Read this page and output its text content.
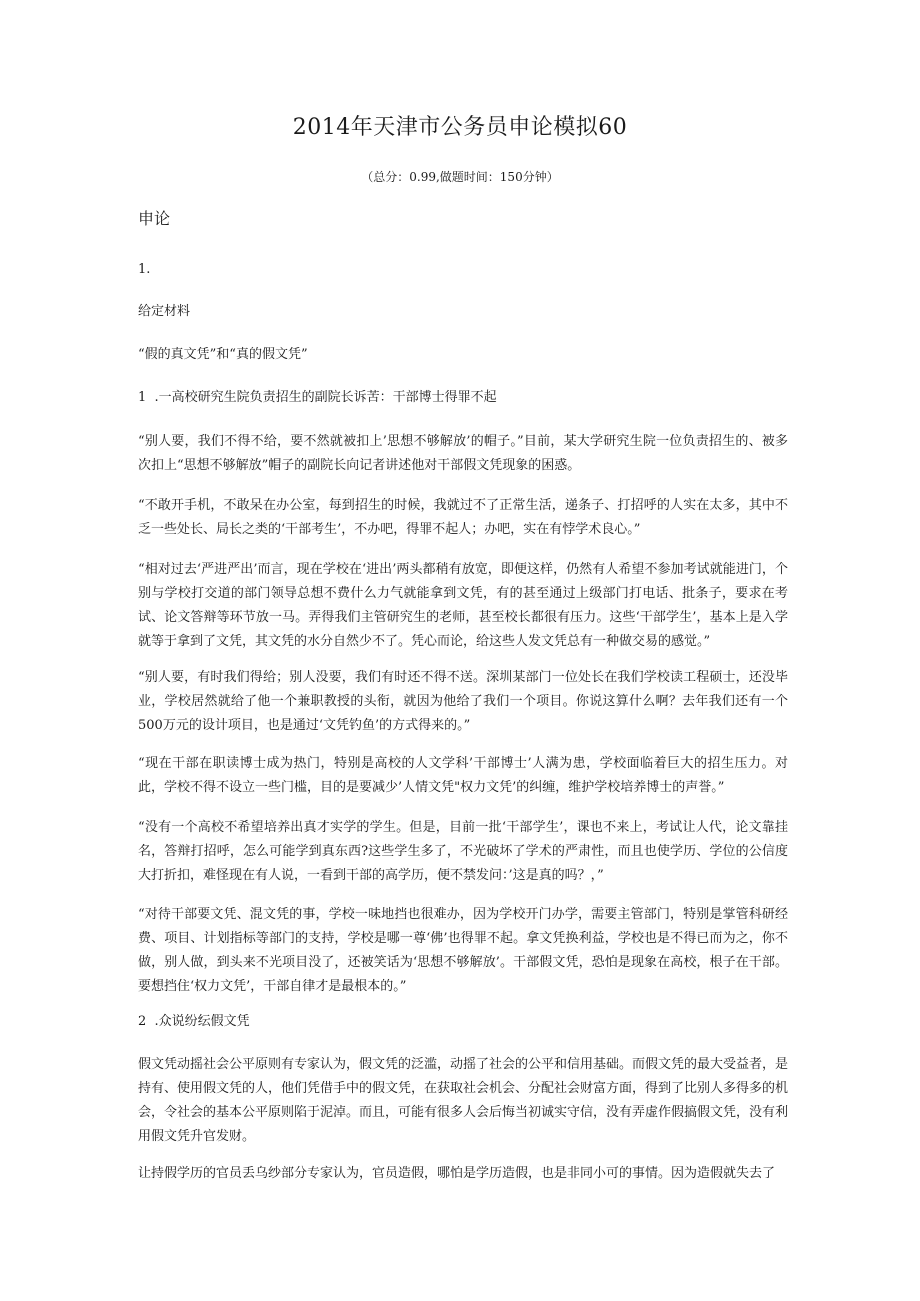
2014年天津市公务员申论模拟60
（总分：0.99,做题时间：150分钟）
申论
1.
给定材料
“假的真文凭”和“真的假文凭”
1  .一高校研究生院负责招生的副院长诉苦：干部博士得罪不起
“别人要，我们不得不给，要不然就被扣上’思想不够解放’的帽子。”目前，某大学研究生院一位负责招生的、被多次扣上“思想不够解放”帽子的副院长向记者讲述他对干部假文凭现象的困惑。
“不敢开手机，不敢呆在办公室，每到招生的时候，我就过不了正常生活，递条子、打招呼的人实在太多，其中不乏一些处长、局长之类的‘干部考生’，不办吧，得罪不起人；办吧，实在有悖学术良心。”
“相对过去‘严进严出’而言，现在学校在‘进出’两头都稍有放宽，即便这样，仍然有人希望不参加考试就能进门，个别与学校打交道的部门领导总想不费什么力气就能拿到文凭，有的甚至通过上级部门打电话、批条子，要求在考试、论文答辩等环节放一马。弄得我们主管研究生的老师，甚至校长都很有压力。这些‘干部学生’，基本上是入学就等于拿到了文凭，其文凭的水分自然少不了。凭心而论，给这些人发文凭总有一种做交易的感觉。”
“别人要，有时我们得给；别人没要，我们有时还不得不送。深圳某部门一位处长在我们学校读工程硕士，还没毕业，学校居然就给了他一个兼职教授的头衔，就因为他给了我们一个项目。你说这算什么啊？去年我们还有一个500万元的设计项目，也是通过‘文凭钓鱼’的方式得来的。”
“现在干部在职读博士成为热门，特别是高校的人文学科’干部博士’人满为患，学校面临着巨大的招生压力。对此，学校不得不设立一些门槛，目的是要减少’人情文凭"权力文凭’的纠缠，维护学校培养博士的声誉。”
“没有一个高校不希望培养出真才实学的学生。但是，目前一批‘干部学生’，课也不来上，考试让人代，论文靠挂名，答辩打招呼，怎么可能学到真东西?这些学生多了，不光破坏了学术的严肃性，而且也使学历、学位的公信度大打折扣，难怪现在有人说，一看到干部的高学历，便不禁发问：’这是真的吗？，”
“对待干部要文凭、混文凭的事，学校一味地挡也很难办，因为学校开门办学，需要主管部门，特别是掌管科研经费、项目、计划指标等部门的支持，学校是哪一尊‘佛’也得罪不起。拿文凭换利益，学校也是不得已而为之，你不做，别人做，到头来不光项目没了，还被笑话为‘思想不够解放’。干部假文凭，恐怕是现象在高校，根子在干部。要想挡住‘权力文凭’，干部自律才是最根本的。”
2  .众说纷纭假文凭
假文凭动摇社会公平原则有专家认为，假文凭的泛滥，动摇了社会的公平和信用基础。而假文凭的最大受益者，是持有、使用假文凭的人，他们凭借手中的假文凭，在获取社会机会、分配社会财富方面，得到了比别人多得多的机会，令社会的基本公平原则陷于泥淖。而且，可能有很多人会后悔当初诚实守信，没有弄虚作假搞假文凭，没有利用假文凭升官发财。
让持假学历的官员丢乌纱部分专家认为，官员造假，哪怕是学历造假，也是非同小可的事情。因为造假就失去了
